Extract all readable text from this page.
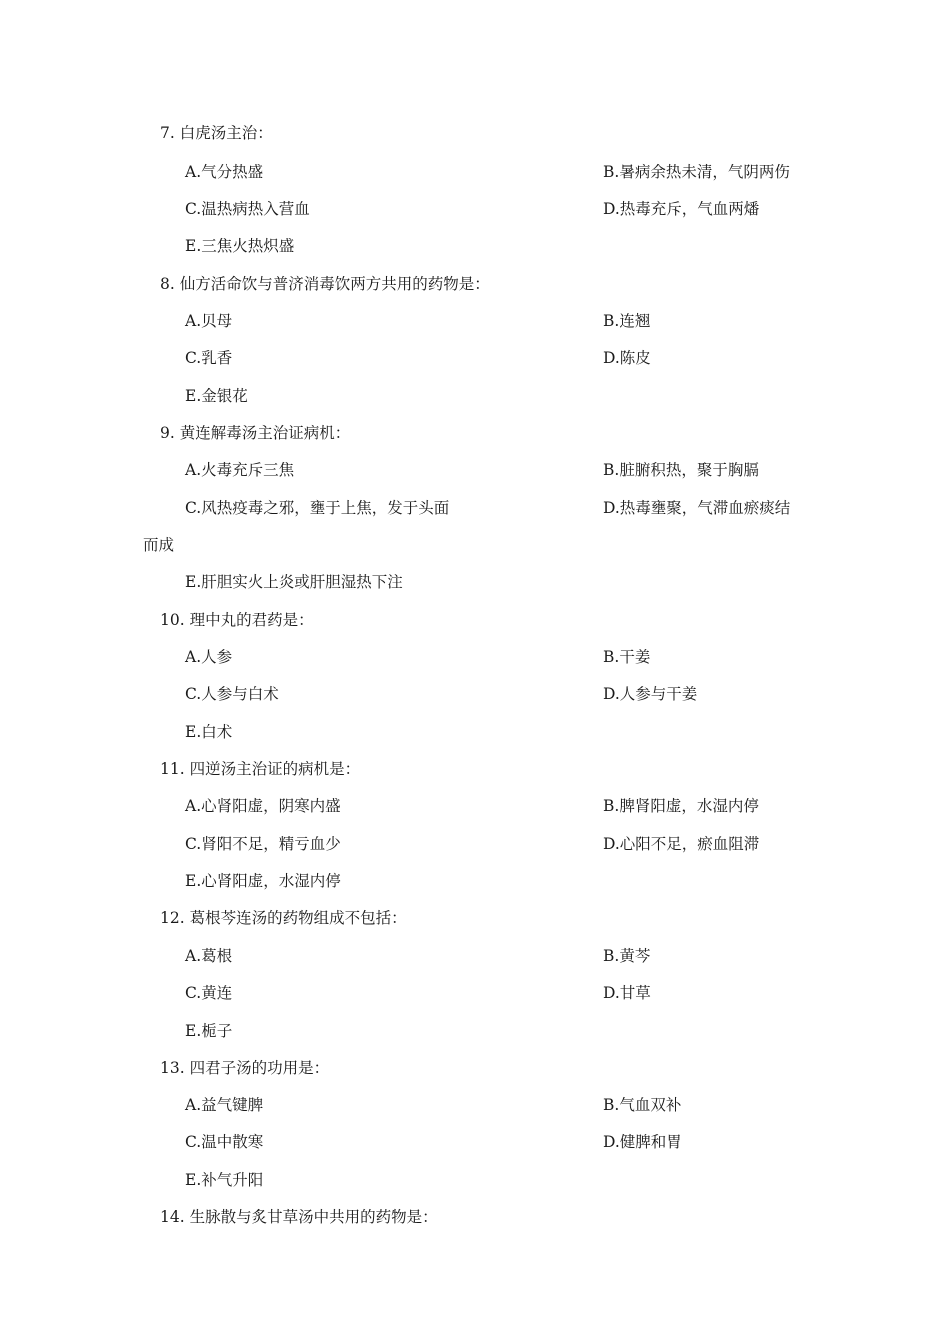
7. 白虎汤主治：
A.气分热盛	B.暑病余热未清，气阴两伤
C.温热病热入营血	D.热毒充斥，气血两燔
E.三焦火热炽盛
8. 仙方活命饮与普济消毒饮两方共用的药物是：
A.贝母	B.连翘
C.乳香	D.陈皮
E.金银花
9. 黄连解毒汤主治证病机：
A.火毒充斥三焦	B.脏腑积热，聚于胸膈
C.风热疫毒之邪，壅于上焦，发于头面	D.热毒壅聚，气滞血瘀痰结
而成
E.肝胆实火上炎或肝胆湿热下注
10. 理中丸的君药是：
A.人参	B.干姜
C.人参与白术	D.人参与干姜
E.白术
11. 四逆汤主治证的病机是：
A.心肾阳虚，阴寒内盛	B.脾肾阳虚，水湿内停
C.肾阳不足，精亏血少	D.心阳不足，瘀血阻滞
E.心肾阳虚，水湿内停
12. 葛根芩连汤的药物组成不包括：
A.葛根	B.黄芩
C.黄连	D.甘草
E.栀子
13. 四君子汤的功用是：
A.益气键脾	B.气血双补
C.温中散寒	D.健脾和胃
E.补气升阳
14. 生脉散与炙甘草汤中共用的药物是：
